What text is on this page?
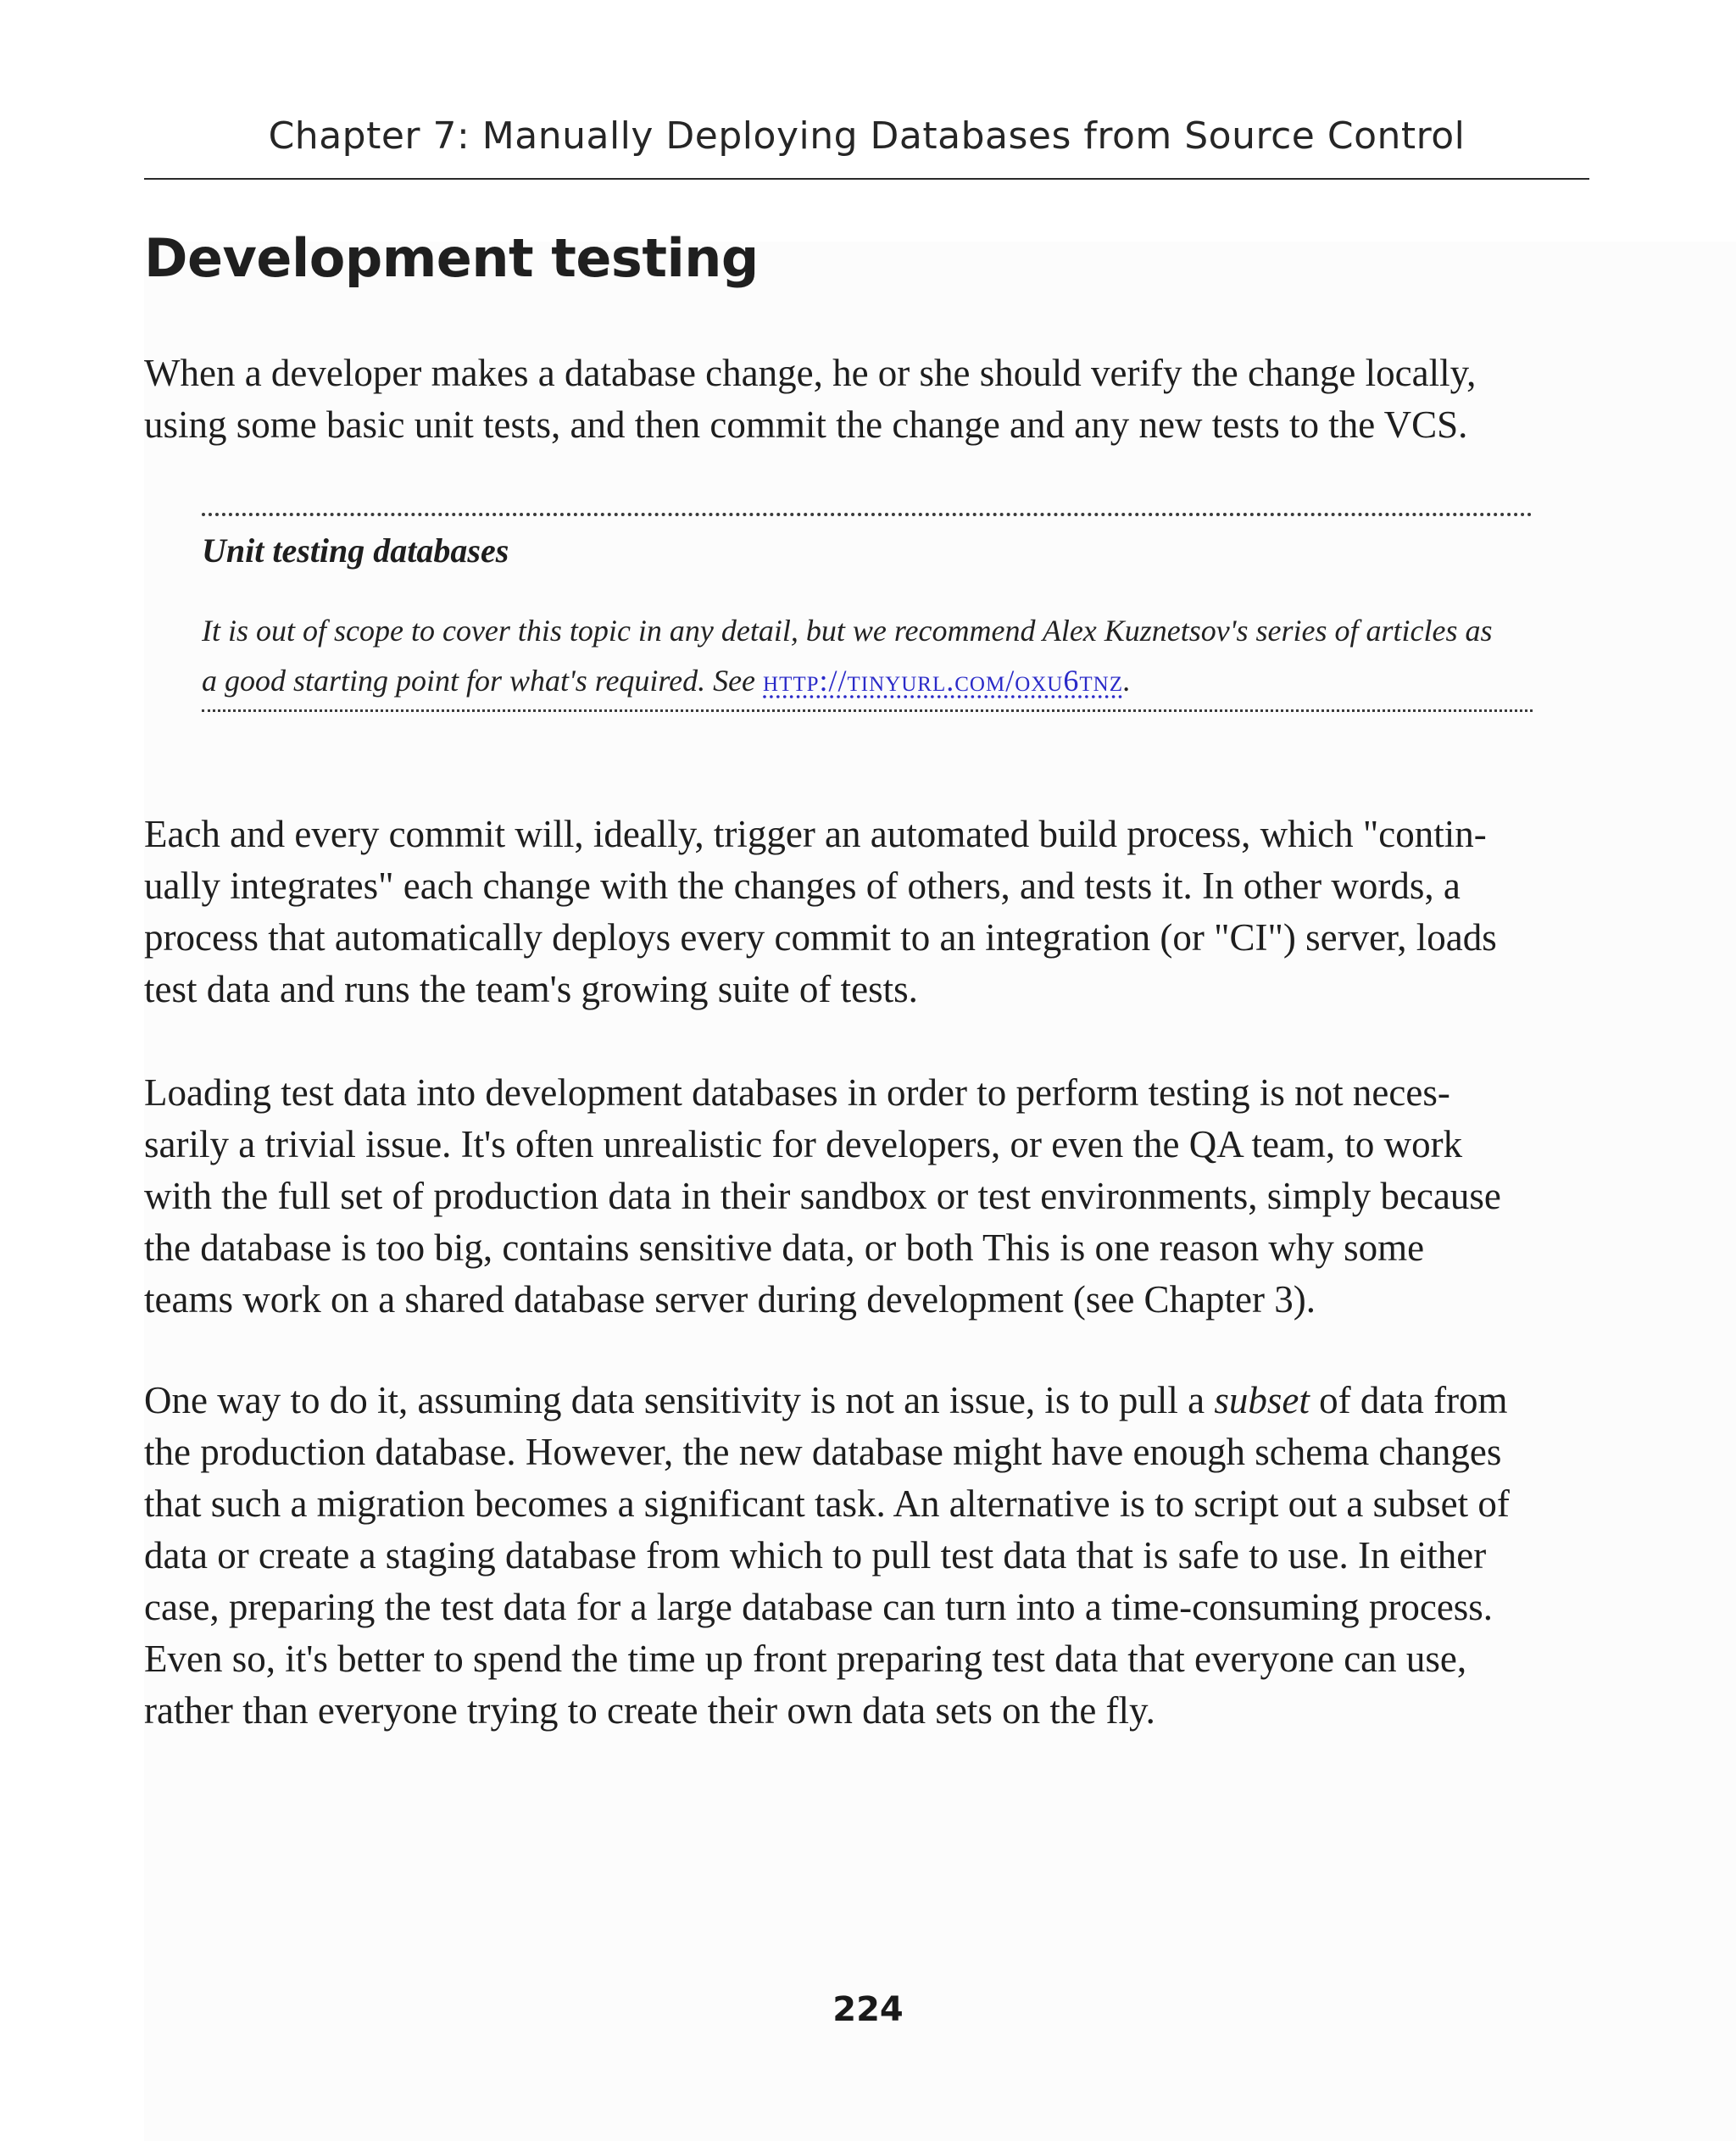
Chapter 7: Manually Deploying Databases from Source Control
Development testing

When a developer makes a database change, he or she should verify the change locally,
using some basic unit tests, and then commit the change and any new tests to the VCS.

Unit testing databases

It is out of scope to cover this topic in any detail, but we recommend Alex Kuznetsov's series of articles as
a good starting point for what's required. See http://tinyurl.com/oxu6tnz.

Each and every commit will, ideally, trigger an automated build process, which "contin-
ually integrates" each change with the changes of others, and tests it. In other words, a
process that automatically deploys every commit to an integration (or "CI") server, loads
test data and runs the team's growing suite of tests.

Loading test data into development databases in order to perform testing is not neces-
sarily a trivial issue. It's often unrealistic for developers, or even the QA team, to work
with the full set of production data in their sandbox or test environments, simply because
the database is too big, contains sensitive data, or both This is one reason why some
teams work on a shared database server during development (see Chapter 3).

One way to do it, assuming data sensitivity is not an issue, is to pull a subset of data from
the production database. However, the new database might have enough schema changes
that such a migration becomes a significant task. An alternative is to script out a subset of
data or create a staging database from which to pull test data that is safe to use. In either
case, preparing the test data for a large database can turn into a time-consuming process.
Even so, it's better to spend the time up front preparing test data that everyone can use,
rather than everyone trying to create their own data sets on the fly.

224
